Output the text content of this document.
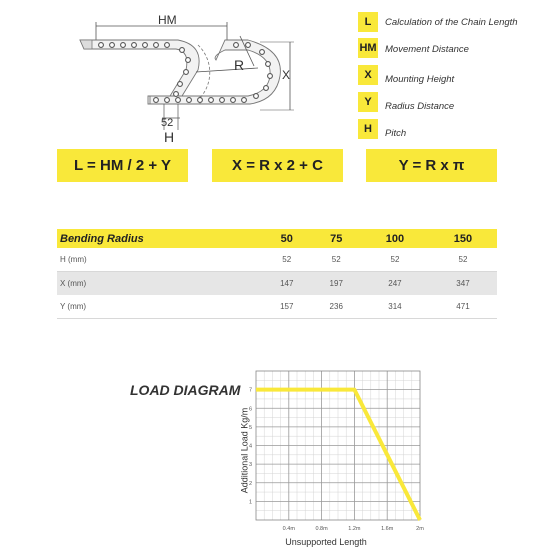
HM
R
X
52
H
L	Calculation of the Chain Length
HM Movement Distance
X	Mounting Height
Y	Radius Distance
H	Pitch
L = HM / 2 + Y	X = R x 2 + C	Y = R x π
Bending Radius	50	75	100	150
H (mm)	52	52	52	52
X (mm)	147	197	247	347
Y (mm)	157	236	314	471
LOAD DIAGRAM
Additional Load Kg/m
Unsupported Length
0.4m	0.8m	1.2m	1.6m	2m
1
2
3
4
5
6
7
